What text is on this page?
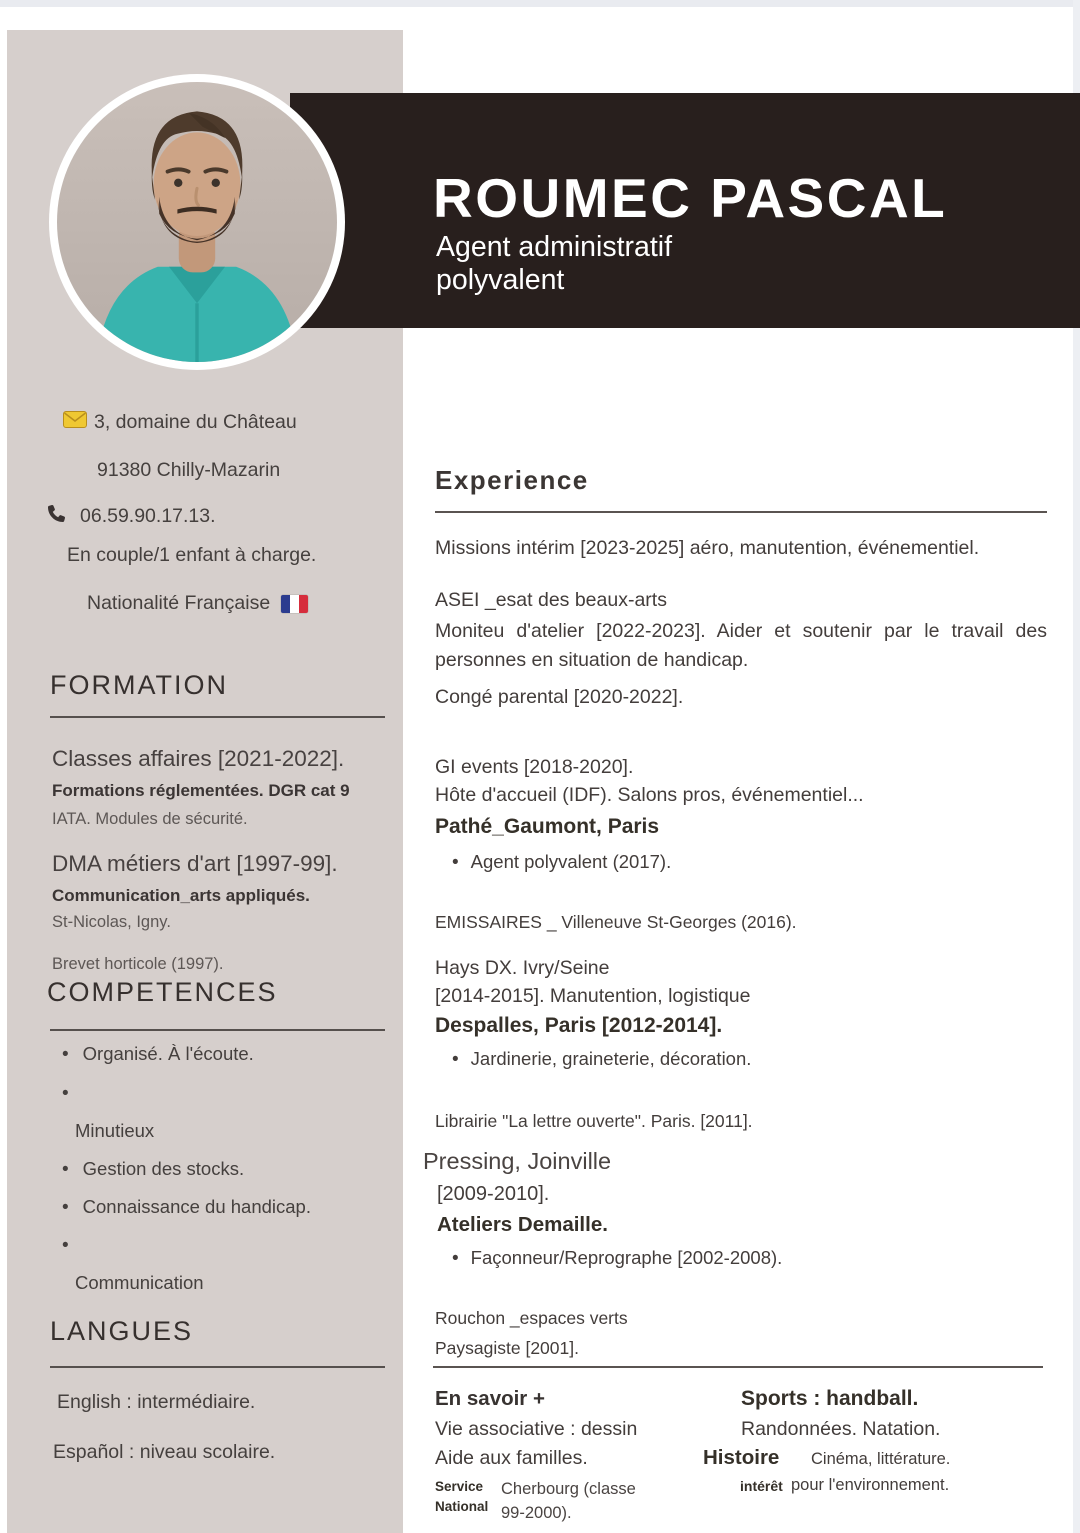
ROUMEC PASCAL
Agent administratif
polyvalent
3, domaine du Château
91380 Chilly-Mazarin
06.59.90.17.13.
En couple/1 enfant à charge.
Nationalité Française
FORMATION
Classes affaires [2021-2022].
Formations réglementées. DGR cat 9
IATA. Modules de sécurité.
DMA métiers d'art [1997-99].
Communication_arts appliqués.
St-Nicolas, Igny.
Brevet horticole (1997).
COMPETENCES
• Organisé. À l'écoute.
•
Minutieux
• Gestion des stocks.
• Connaissance du handicap.
•
Communication
LANGUES
English : intermédiaire.
Español : niveau scolaire.
Experience
Missions intérim [2023-2025] aéro, manutention, événementiel.
ASEI _esat des beaux-arts
Moniteu d'atelier [2022-2023]. Aider et soutenir par le travail des personnes en situation de handicap.
Congé parental [2020-2022].
GI events [2018-2020].
Hôte d'accueil (IDF). Salons pros, événementiel...
Pathé_Gaumont, Paris
• Agent polyvalent (2017).
EMISSAIRES _ Villeneuve St-Georges (2016).
Hays DX. Ivry/Seine
[2014-2015]. Manutention, logistique
Despalles, Paris [2012-2014].
• Jardinerie, graineterie, décoration.
Librairie "La lettre ouverte". Paris. [2011].
Pressing, Joinville
[2009-2010].
Ateliers Demaille.
• Façonneur/Reprographe [2002-2008).
Rouchon _espaces verts
Paysagiste [2001].
En savoir +
Vie associative : dessin
Aide aux familles.
Service
National
Cherbourg (classe
99-2000).
Sports : handball.
Randonnées. Natation.
Histoire Cinéma, littérature.
intérêt pour l'environnement.
